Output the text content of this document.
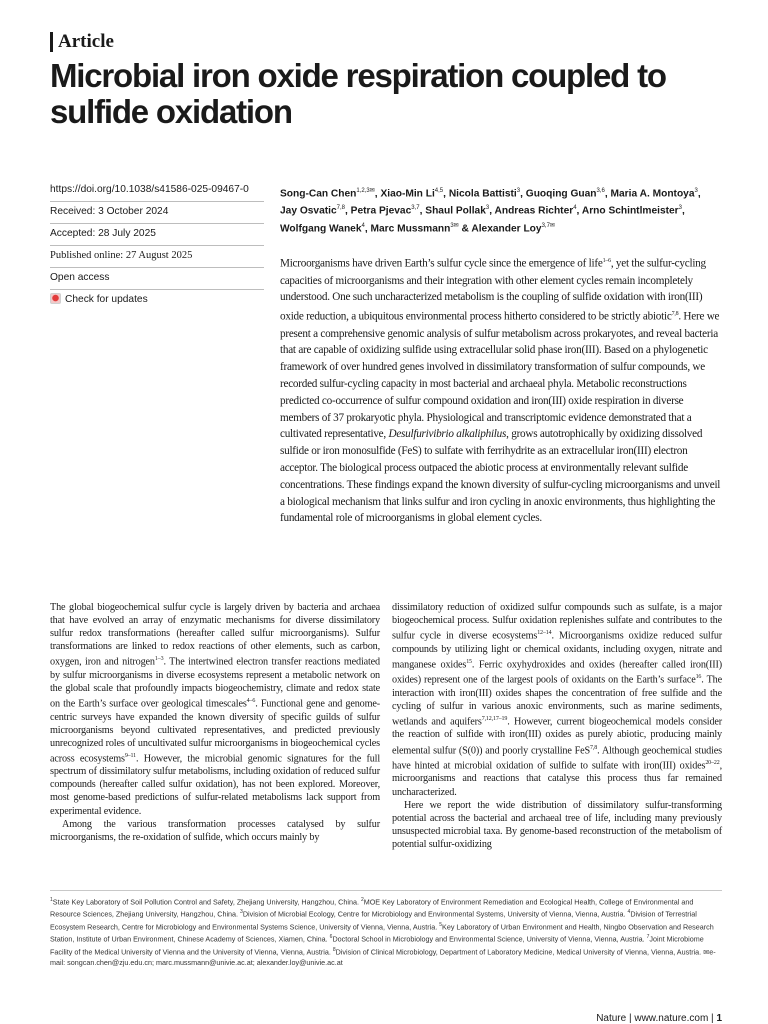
Article
Microbial iron oxide respiration coupled to sulfide oxidation
https://doi.org/10.1038/s41586-025-09467-0
Received: 3 October 2024
Accepted: 28 July 2025
Published online: 27 August 2025
Open access
Check for updates
Song-Can Chen$^{1,2,3✉}$, Xiao-Min Li$^{4,5}$, Nicola Battisti$^3$, Guoqing Guan$^{3,6}$, Maria A. Montoya$^3$, Jay Osvatic$^{7,8}$, Petra Pjevac$^{3,7}$, Shaul Pollak$^3$, Andreas Richter$^4$, Arno Schintlmeister$^3$, Wolfgang Wanek$^4$, Marc Mussmann$^{3✉}$ & Alexander Loy$^{3,7✉}$

Microorganisms have driven Earth’s sulfur cycle since the emergence of life$^{1-6}$, yet the sulfur-cycling capacities of microorganisms and their integration with other element cycles remain incompletely understood. One such uncharacterized metabolism is the coupling of sulfide oxidation with iron(III) oxide reduction, a ubiquitous environmental process hitherto considered to be strictly abiotic$^{7,8}$. Here we present a comprehensive genomic analysis of sulfur metabolism across prokaryotes, and reveal bacteria that are capable of oxidizing sulfide using extracellular solid phase iron(III). Based on a phylogenetic framework of over hundred genes involved in dissimilatory transformation of sulfur compounds, we recorded sulfur-cycling capacity in most bacterial and archaeal phyla. Metabolic reconstructions predicted co-occurrence of sulfur compound oxidation and iron(III) oxide respiration in diverse members of 37 prokaryotic phyla. Physiological and transcriptomic evidence demonstrated that a cultivated representative, Desulfurivibrio alkaliphilus, grows autotrophically by oxidizing dissolved sulfide or iron monosulfide (FeS) to sulfate with ferrihydrite as an extracellular iron(III) electron acceptor. The biological process outpaced the abiotic process at environmentally relevant sulfide concentrations. These findings expand the known diversity of sulfur-cycling microorganisms and unveil a biological mechanism that links sulfur and iron cycling in anoxic environments, thus highlighting the fundamental role of microorganisms in global element cycles.

The global biogeochemical sulfur cycle is largely driven by bacteria and archaea that have evolved an array of enzymatic mechanisms for diverse dissimilatory sulfur redox transformations (hereafter called sulfur microorganisms). Sulfur transformations are linked to redox reactions of other elements, such as carbon, oxygen, iron and nitrogen$^{1-3}$. The intertwined electron transfer reactions mediated by sulfur microorganisms in diverse ecosystems represent a metabolic network on the global scale that profoundly impacts biogeochemistry, climate and redox state on the Earth’s surface over geological timescales$^{4-6}$. Functional gene and genome-centric surveys have expanded the known diversity of specific guilds of sulfur microorganisms beyond cultivated representatives, and predicted previously unrecognized roles of uncultivated sulfur microorganisms in biogeochemical cycles across ecosystems$^{9-11}$. However, the microbial genomic signatures for the full spectrum of dissimilatory sulfur metabolisms, including oxidation of reduced sulfur compounds (hereafter called sulfur oxidation), has not been explored. Moreover, most genome-based predictions of sulfur-related metabolisms lack support from experimental evidence.

Among the various transformation processes catalysed by sulfur microorganisms, the re-oxidation of sulfide, which occurs mainly by

dissimilatory reduction of oxidized sulfur compounds such as sulfate, is a major biogeochemical process. Sulfur oxidation replenishes sulfate and contributes to the sulfur cycle in diverse ecosystems$^{12-14}$. Microorganisms oxidize reduced sulfur compounds by utilizing light or chemical oxidants, including oxygen, nitrate and manganese oxides$^{15}$. Ferric oxyhydroxides and oxides (hereafter called iron(III) oxides) represent one of the largest pools of oxidants on the Earth’s surface$^{16}$. The interaction with iron(III) oxides shapes the concentration of free sulfide and the cycling of sulfur in various anoxic environments, such as marine sediments, wetlands and aquifers$^{7,12,17-19}$. However, current biogeochemical models consider the reaction of sulfide with iron(III) oxides as purely abiotic, producing mainly elemental sulfur (S(0)) and poorly crystalline FeS$^{7,8}$. Although geochemical studies have hinted at microbial oxidation of sulfide to sulfate with iron(III) oxides$^{20-22}$, microorganisms and reactions that catalyse this process thus far remained uncharacterized.

Here we report the wide distribution of dissimilatory sulfur-transforming potential across the bacterial and archaeal tree of life, including many previously unsuspected microbial taxa. By genome-based reconstruction of the metabolism of potential sulfur-oxidizing

$^1$State Key Laboratory of Soil Pollution Control and Safety, Zhejiang University, Hangzhou, China. $^2$MOE Key Laboratory of Environment Remediation and Ecological Health, College of Environmental and Resource Sciences, Zhejiang University, Hangzhou, China. $^3$Division of Microbial Ecology, Centre for Microbiology and Environmental Systems, University of Vienna, Vienna, Austria. $^4$Division of Terrestrial Ecosystem Research, Centre for Microbiology and Environmental Systems Science, University of Vienna, Vienna, Austria. $^5$Key Laboratory of Urban Environment and Health, Ningbo Observation and Research Station, Institute of Urban Environment, Chinese Academy of Sciences, Xiamen, China. $^6$Doctoral School in Microbiology and Environmental Science, University of Vienna, Vienna, Austria. $^7$Joint Microbiome Facility of the Medical University of Vienna and the University of Vienna, Vienna, Austria. $^8$Division of Clinical Microbiology, Department of Laboratory Medicine, Medical University of Vienna, Vienna, Austria. ✉e-mail: songcan.chen@zju.edu.cn; marc.mussmann@univie.ac.at; alexander.loy@univie.ac.at

Nature | www.nature.com | 1
